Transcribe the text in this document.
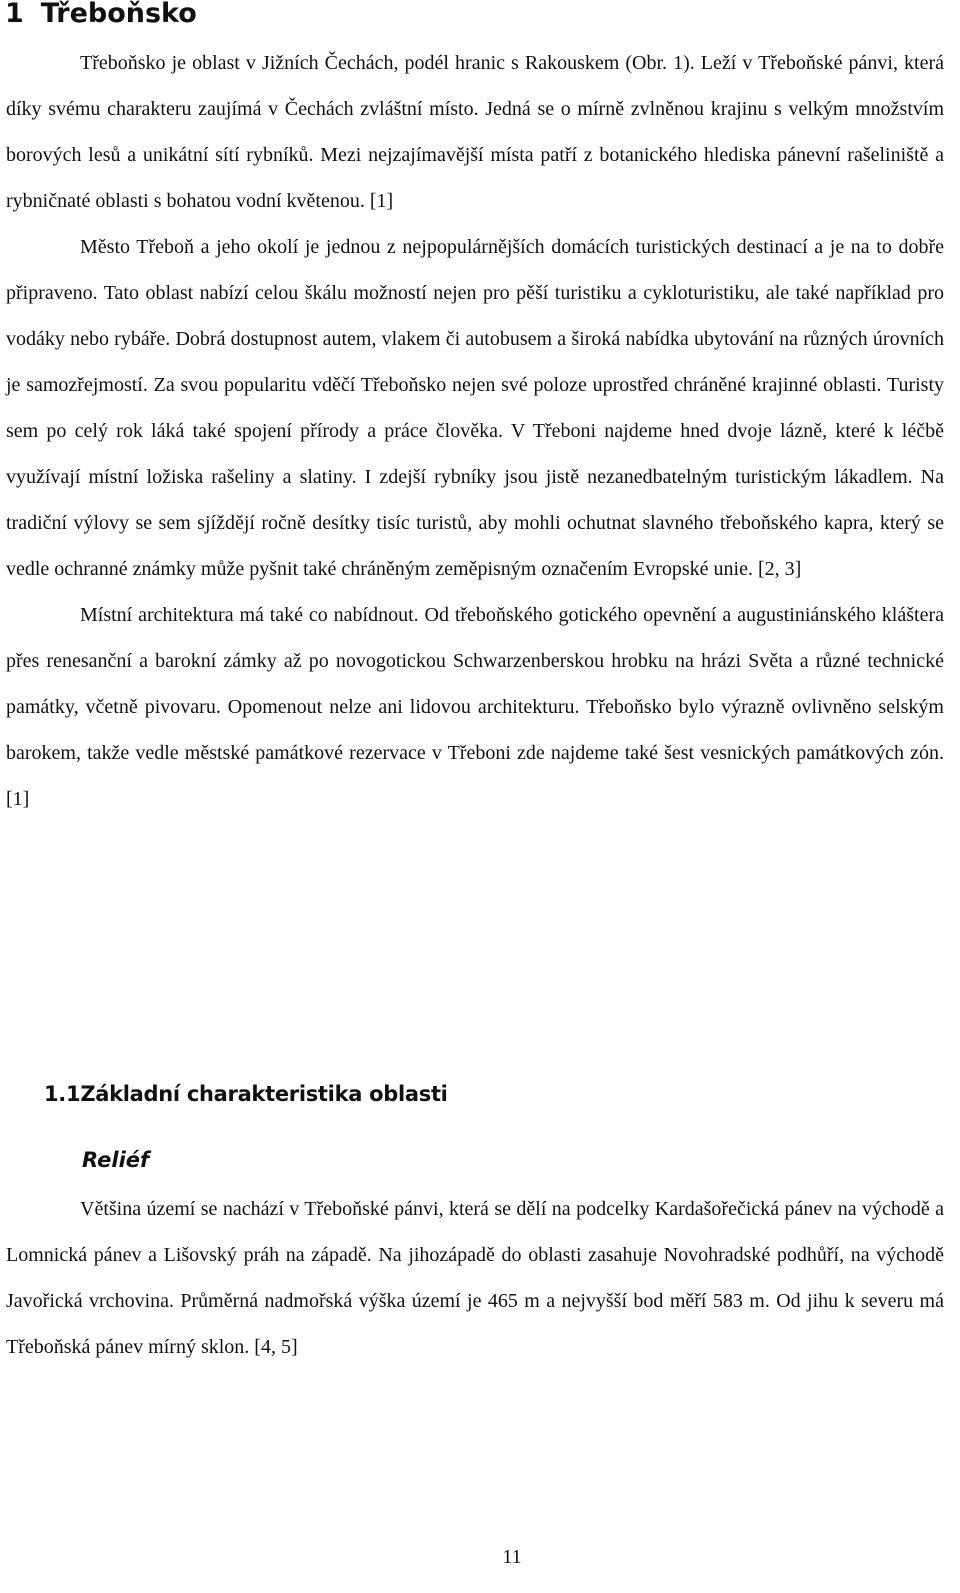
1 Třeboňsko

Třeboňsko je oblast v Jižních Čechách, podél hranic s Rakouskem (Obr. 1). Leží v Třeboňské pánvi, která díky svému charakteru zaujímá v Čechách zvláštní místo. Jedná se o mírně zvlněnou krajinu s velkým množstvím borových lesů a unikátní sítí rybníků. Mezi nejzajímavější místa patří z botanického hlediska pánevní rašeliniště a rybničnaté oblasti s bohatou vodní květenou. [1]

Město Třeboň a jeho okolí je jednou z nejpopulárnějších domácích turistických destinací a je na to dobře připraveno. Tato oblast nabízí celou škálu možností nejen pro pěší turistiku a cykloturistiku, ale také například pro vodáky nebo rybáře. Dobrá dostupnost autem, vlakem či autobusem a široká nabídka ubytování na různých úrovních je samozřejmostí. Za svou popularitu vděčí Třeboňsko nejen své poloze uprostřed chráněné krajinné oblasti. Turisty sem po celý rok láká také spojení přírody a práce člověka. V Třeboni najdeme hned dvoje lázně, které k léčbě využívají místní ložiska rašeliny a slatiny. I zdejší rybníky jsou jistě nezanedbatelným turistickým lákadlem. Na tradiční výlovy se sem sjíždějí ročně desítky tisíc turistů, aby mohli ochutnat slavného třeboňského kapra, který se vedle ochranné známky může pyšnit také chráněným zeměpisným označením Evropské unie. [2, 3]

Místní architektura má také co nabídnout. Od třeboňského gotického opevnění a augustiniánského kláštera přes renesanční a barokní zámky až po novogotickou Schwarzenberskou hrobku na hrázi Světa a různé technické památky, včetně pivovaru. Opomenout nelze ani lidovou architekturu. Třeboňsko bylo výrazně ovlivněno selským barokem, takže vedle městské památkové rezervace v Třeboni zde najdeme také šest vesnických památkových zón. [1]

1.1Základní charakteristika oblasti
Reliéf

Většina území se nachází v Třeboňské pánvi, která se dělí na podcelky Kardašořečická pánev na východě a Lomnická pánev a Lišovský práh na západě. Na jihozápadě do oblasti zasahuje Novohradské podhůří, na východě Javořická vrchovina. Průměrná nadmořská výška území je 465 m a nejvyšší bod měří 583 m. Od jihu k severu má Třeboňská pánev mírný sklon. [4, 5]

11
